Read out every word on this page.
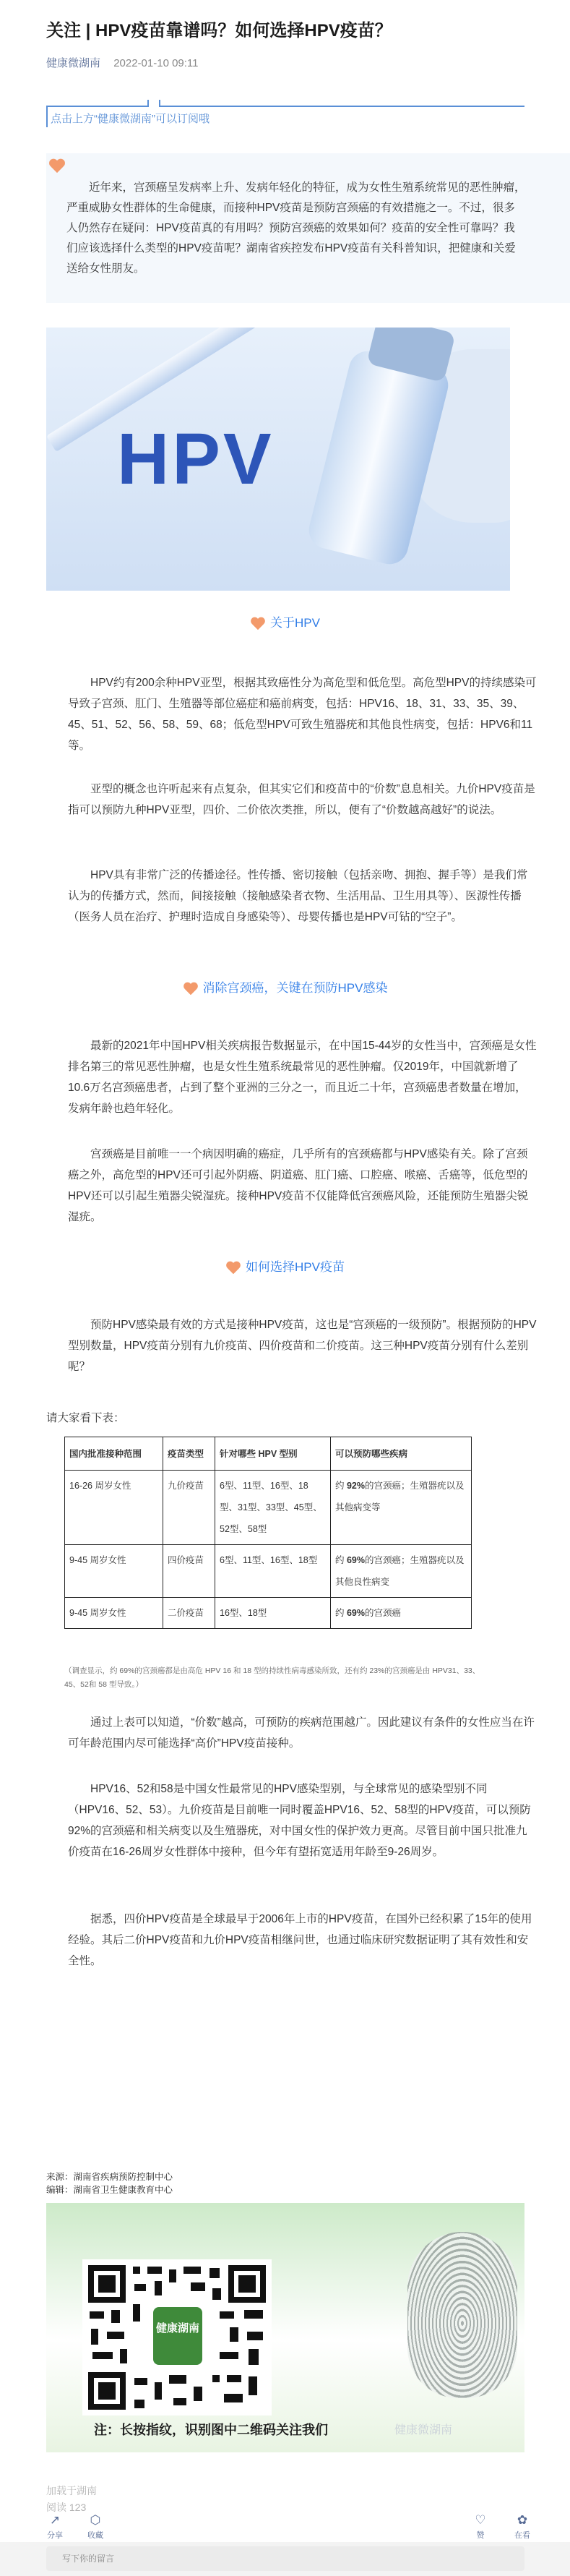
关注 | HPV疫苗靠谱吗？如何选择HPV疫苗？
健康微湖南 2022-01-10 09:11
点击上方“健康微湖南”可以订阅哦

近年来，宫颈癌呈发病率上升、发病年轻化的特征，成为女性生殖系统常见的恶性肿瘤，严重威胁女性群体的生命健康，而接种HPV疫苗是预防宫颈癌的有效措施之一。不过，很多人仍然存在疑问：HPV疫苗真的有用吗？预防宫颈癌的效果如何？疫苗的安全性可靠吗？我们应该选择什么类型的HPV疫苗呢？湖南省疾控发布HPV疫苗有关科普知识，把健康和关爱送给女性朋友。

HPV
关于HPV

HPV约有200余种HPV亚型，根据其致癌性分为高危型和低危型。高危型HPV的持续感染可导致子宫颈、肛门、生殖器等部位癌症和癌前病变，包括：HPV16、18、31、33、35、39、45、51、52、56、58、59、68；低危型HPV可致生殖器疣和其他良性病变，包括：HPV6和11等。

亚型的概念也许听起来有点复杂，但其实它们和疫苗中的“价数”息息相关。九价HPV疫苗是指可以预防九种HPV亚型，四价、二价依次类推，所以，便有了“价数越高越好”的说法。

HPV具有非常广泛的传播途径。性传播、密切接触（包括亲吻、拥抱、握手等）是我们常认为的传播方式，然而，间接接触（接触感染者衣物、生活用品、卫生用具等）、医源性传播（医务人员在治疗、护理时造成自身感染等）、母婴传播也是HPV可钻的“空子”。

消除宫颈癌，关键在预防HPV感染

最新的2021年中国HPV相关疾病报告数据显示，在中国15-44岁的女性当中，宫颈癌是女性排名第三的常见恶性肿瘤，也是女性生殖系统最常见的恶性肿瘤。仅2019年，中国就新增了10.6万名宫颈癌患者，占到了整个亚洲的三分之一，而且近二十年，宫颈癌患者数量在增加，发病年龄也趋年轻化。

宫颈癌是目前唯一一个病因明确的癌症，几乎所有的宫颈癌都与HPV感染有关。除了宫颈癌之外，高危型的HPV还可引起外阴癌、阴道癌、肛门癌、口腔癌、喉癌、舌癌等，低危型的HPV还可以引起生殖器尖锐湿疣。接种HPV疫苗不仅能降低宫颈癌风险，还能预防生殖器尖锐湿疣。

如何选择HPV疫苗

预防HPV感染最有效的方式是接种HPV疫苗，这也是“宫颈癌的一级预防”。根据预防的HPV型别数量，HPV疫苗分别有九价疫苗、四价疫苗和二价疫苗。这三种HPV疫苗分别有什么差别呢？

请大家看下表：
国内批准接种范围	疫苗类型	针对哪些 HPV 型别	可以预防哪些疾病
16-26 周岁女性	九价疫苗	6型、11型、16型、18型、31型、33型、45型、52型、58型	约 92%的宫颈癌；生殖器疣以及其他病变等
9-45 周岁女性	四价疫苗	6型、11型、16型、18型	约 69%的宫颈癌；生殖器疣以及其他良性病变
9-45 周岁女性	二价疫苗	16型、18型	约 69%的宫颈癌

（调查显示，约 69%的宫颈癌都是由高危 HPV 16 和 18 型的持续性病毒感染所致，还有约 23%的宫颈癌是由 HPV31、33、45、52和 58 型导致。）

通过上表可以知道，“价数”越高，可预防的疾病范围越广。因此建议有条件的女性应当在许可年龄范围内尽可能选择“高价”HPV疫苗接种。

HPV16、52和58是中国女性最常见的HPV感染型别，与全球常见的感染型别不同（HPV16、52、53）。九价疫苗是目前唯一同时覆盖HPV16、52、58型的HPV疫苗，可以预防92%的宫颈癌和相关病变以及生殖器疣，对中国女性的保护效力更高。尽管目前中国只批准九价疫苗在16-26周岁女性群体中接种，但今年有望拓宽适用年龄至9-26周岁。

据悉，四价HPV疫苗是全球最早于2006年上市的HPV疫苗，在国外已经积累了15年的使用经验。其后二价HPV疫苗和九价HPV疫苗相继问世，也通过临床研究数据证明了其有效性和安全性。

来源：湖南省疾病预防控制中心
编辑：湖南省卫生健康教育中心
健康湖南
注：长按指纹，识别图中二维码关注我们	健康微湖南
加载于湖南
阅读 123
↗
分享
⬡
收藏
♡
赞
✿
在看
写下你的留言
